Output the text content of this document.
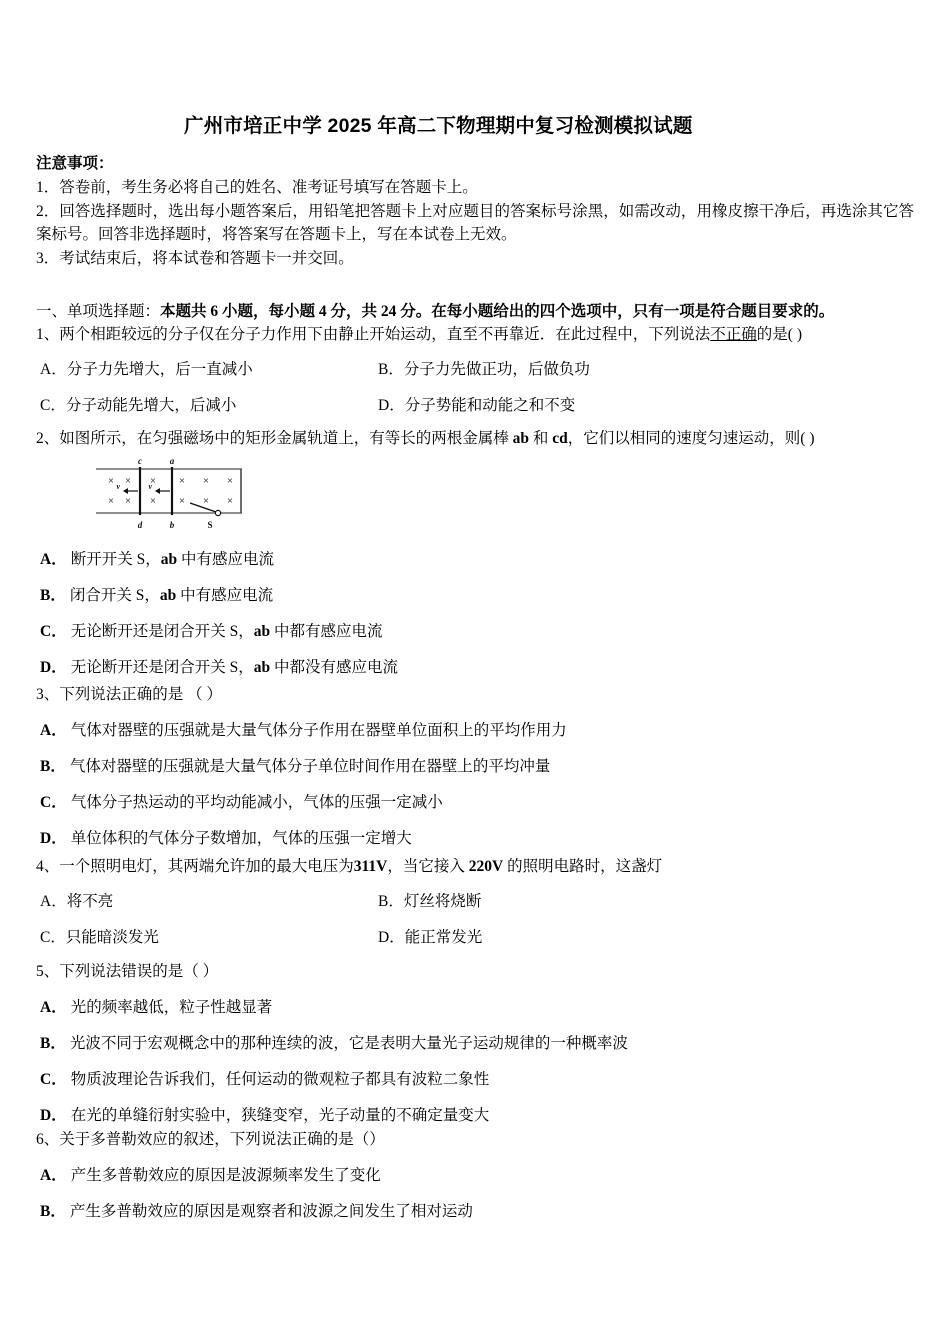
广州市培正中学 2025 年高二下物理期中复习检测模拟试题

注意事项：

1．答卷前，考生务必将自己的姓名、准考证号填写在答题卡上。

2．回答选择题时，选出每小题答案后，用铅笔把答题卡上对应题目的答案标号涂黑，如需改动，用橡皮擦干净后，再选涂其它答案标号。回答非选择题时，将答案写在答题卡上，写在本试卷上无效。

3．考试结束后，将本试卷和答题卡一并交回。

一、单项选择题：本题共 6 小题，每小题 4 分，共 24 分。在每小题给出的四个选项中，只有一项是符合题目要求的。

1、两个相距较远的分子仅在分子力作用下由静止开始运动，直至不再靠近．在此过程中，下列说法不正确的是( )

A．分子力先增大，后一直减小	B．分子力先做正功，后做负功
C．分子动能先增大，后减小	D．分子势能和动能之和不变

2、如图所示，在匀强磁场中的矩形金属轨道上，有等长的两根金属棒 ab 和 cd，它们以相同的速度匀速运动，则( )

× × ×	× × ×
× × ×	× × ×
v	v
c	a
d	b	S

A． 断开开关 S，ab 中有感应电流

B． 闭合开关 S，ab 中有感应电流

C． 无论断开还是闭合开关 S，ab 中都有感应电流

D． 无论断开还是闭合开关 S，ab 中都没有感应电流

3、下列说法正确的是 （ ）

A． 气体对器壁的压强就是大量气体分子作用在器壁单位面积上的平均作用力

B． 气体对器壁的压强就是大量气体分子单位时间作用在器壁上的平均冲量

C． 气体分子热运动的平均动能减小，气体的压强一定减小

D． 单位体积的气体分子数增加，气体的压强一定增大

4、一个照明电灯，其两端允许加的最大电压为311V，当它接入 220V 的照明电路时，这盏灯

A．将不亮	B．灯丝将烧断
C．只能暗淡发光	D．能正常发光

5、下列说法错误的是（ ）

A． 光的频率越低，粒子性越显著

B． 光波不同于宏观概念中的那种连续的波，它是表明大量光子运动规律的一种概率波

C． 物质波理论告诉我们，任何运动的微观粒子都具有波粒二象性

D． 在光的单缝衍射实验中，狭缝变窄，光子动量的不确定量变大

6、关于多普勒效应的叙述，下列说法正确的是（）

A． 产生多普勒效应的原因是波源频率发生了变化

B． 产生多普勒效应的原因是观察者和波源之间发生了相对运动
